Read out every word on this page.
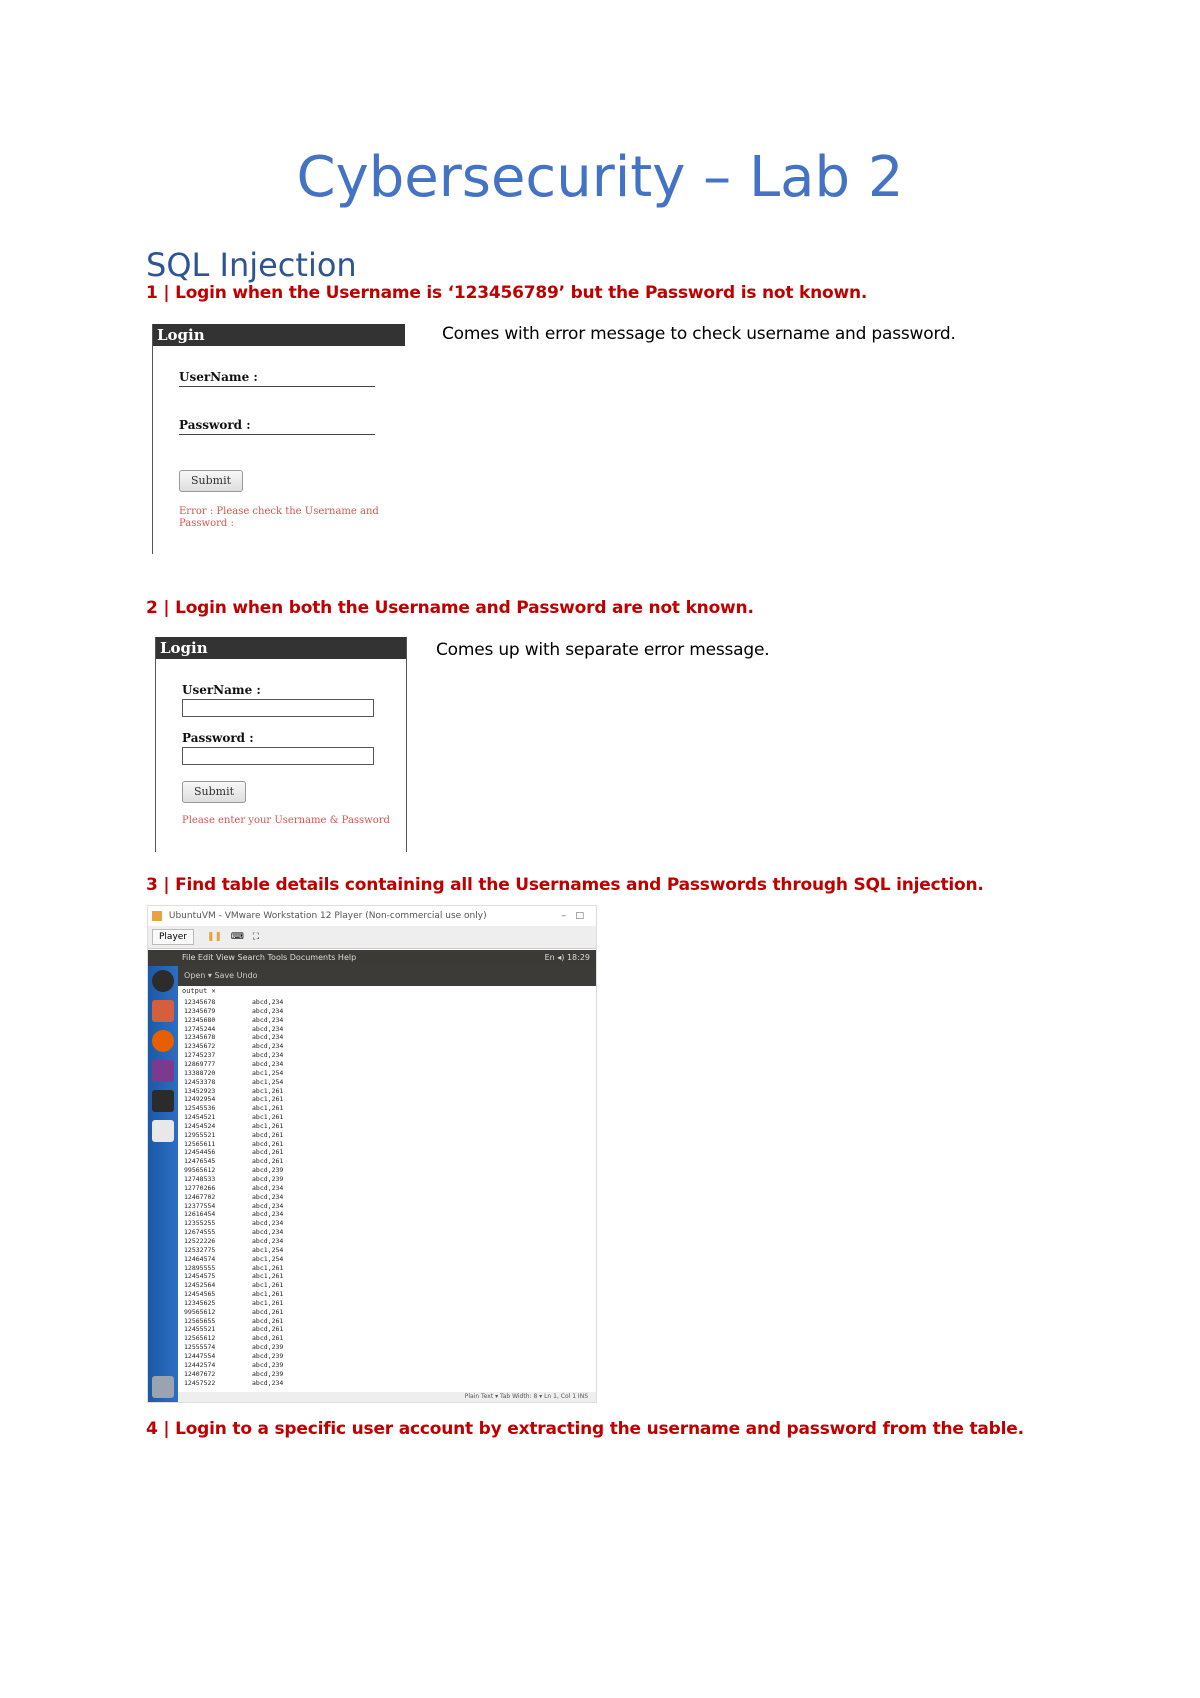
Cybersecurity – Lab 2
SQL Injection
1 | Login when the Username is ‘123456789’ but the Password is not known.
Login
UserName :
Password :
Submit
Error : Please check the Username and
Password :
Comes with error message to check username and password.
2 | Login when both the Username and Password are not known.
Login
UserName :
Password :
Submit
Please enter your Username & Password
Comes up with separate error message.
3 | Find table details containing all the Usernames and Passwords through SQL injection.
UbuntuVM - VMware Workstation 12 Player (Non-commercial use only)	– □
Player ❚❚ ⌨ ⛶
File Edit View Search Tools Documents Help	En ◂) 18:29
Open ▾ Save Undo
output ✕
12345678	abcd,234
12345679	abcd,234
12345680	abcd,234
12745244	abcd,234
12345678	abcd,234
12345672	abcd,234
12745237	abcd,234
12869777	abcd,234
13388720	abc1,254
12453378	abc1,254
13452923	abc1,261
12492954	abc1,261
12545536	abc1,261
12454521	abc1,261
12454524	abc1,261
12955521	abcd,261
12565611	abcd,261
12454456	abcd,261
12476545	abcd,261
99565612	abcd,239
12748533	abcd,239
12770266	abcd,234
12467702	abcd,234
12377554	abcd,234
12616454	abcd,234
12355255	abcd,234
12674555	abcd,234
12522226	abcd,234
12532775	abc1,254
12464574	abc1,254
12895555	abc1,261
12454575	abc1,261
12452564	abc1,261
12454565	abc1,261
12345625	abc1,261
99565612	abcd,261
12565655	abcd,261
12455521	abcd,261
12565612	abcd,261
12555574	abcd,239
12447554	abcd,239
12442574	abcd,239
12407672	abcd,239
12457522	abcd,234
Plain Text ▾ Tab Width: 8 ▾ Ln 1, Col 1 INS
4 | Login to a specific user account by extracting the username and password from the table.
